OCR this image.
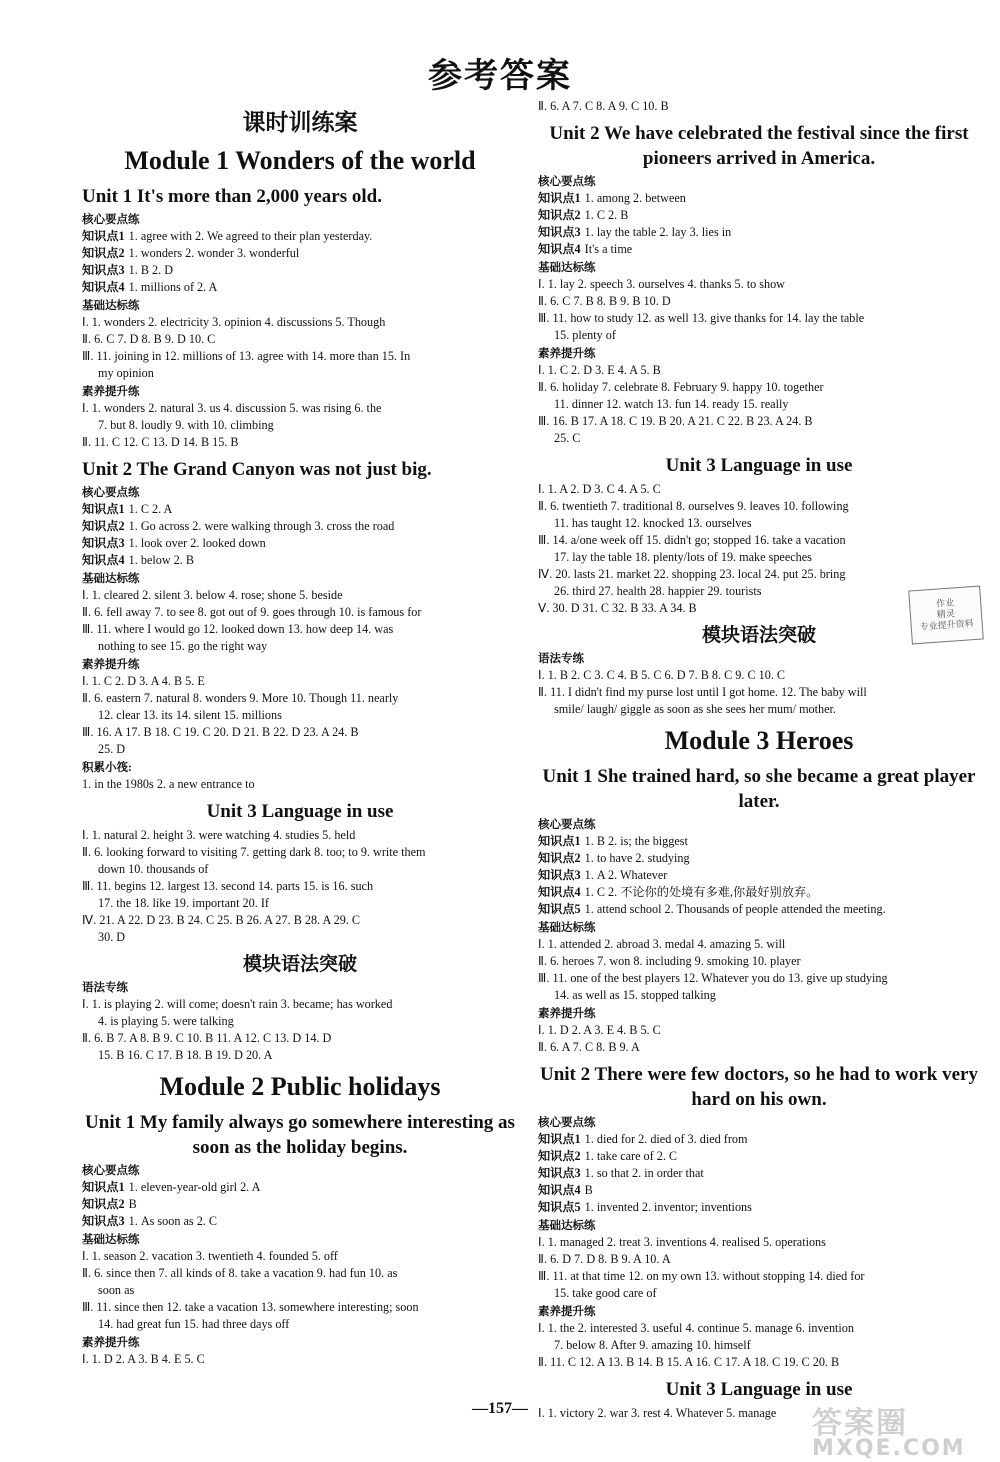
参考答案
课时训练案
Module 1 Wonders of the world
Unit 1 It's more than 2,000 years old.
核心要点练
知识点1 1. agree with 2. We agreed to their plan yesterday.
知识点2 1. wonders 2. wonder 3. wonderful
知识点3 1. B 2. D
知识点4 1. millions of 2. A
基础达标练
Ⅰ. 1. wonders 2. electricity 3. opinion 4. discussions 5. Though
Ⅱ. 6. C 7. D 8. B 9. D 10. C
Ⅲ. 11. joining in 12. millions of 13. agree with 14. more than 15. In
my opinion
素养提升练
Ⅰ. 1. wonders 2. natural 3. us 4. discussion 5. was rising 6. the
7. but 8. loudly 9. with 10. climbing
Ⅱ. 11. C 12. C 13. D 14. B 15. B
Unit 2 The Grand Canyon was not just big.
核心要点练
知识点1 1. C 2. A
知识点2 1. Go across 2. were walking through 3. cross the road
知识点3 1. look over 2. looked down
知识点4 1. below 2. B
基础达标练
Ⅰ. 1. cleared 2. silent 3. below 4. rose; shone 5. beside
Ⅱ. 6. fell away 7. to see 8. got out of 9. goes through 10. is famous for
Ⅲ. 11. where I would go 12. looked down 13. how deep 14. was
nothing to see 15. go the right way
素养提升练
Ⅰ. 1. C 2. D 3. A 4. B 5. E
Ⅱ. 6. eastern 7. natural 8. wonders 9. More 10. Though 11. nearly
12. clear 13. its 14. silent 15. millions
Ⅲ. 16. A 17. B 18. C 19. C 20. D 21. B 22. D 23. A 24. B
25. D
积累小筏:
1. in the 1980s 2. a new entrance to
Unit 3 Language in use
Ⅰ. 1. natural 2. height 3. were watching 4. studies 5. held
Ⅱ. 6. looking forward to visiting 7. getting dark 8. too; to 9. write them
down 10. thousands of
Ⅲ. 11. begins 12. largest 13. second 14. parts 15. is 16. such
17. the 18. like 19. important 20. If
Ⅳ. 21. A 22. D 23. B 24. C 25. B 26. A 27. B 28. A 29. C
30. D
模块语法突破
语法专练
Ⅰ. 1. is playing 2. will come; doesn't rain 3. became; has worked
4. is playing 5. were talking
Ⅱ. 6. B 7. A 8. B 9. C 10. B 11. A 12. C 13. D 14. D
15. B 16. C 17. B 18. B 19. D 20. A
Module 2 Public holidays
Unit 1 My family always go somewhere interesting as soon as the holiday begins.
核心要点练
知识点1 1. eleven-year-old girl 2. A
知识点2 B
知识点3 1. As soon as 2. C
基础达标练
Ⅰ. 1. season 2. vacation 3. twentieth 4. founded 5. off
Ⅱ. 6. since then 7. all kinds of 8. take a vacation 9. had fun 10. as
soon as
Ⅲ. 11. since then 12. take a vacation 13. somewhere interesting; soon
14. had great fun 15. had three days off
素养提升练
Ⅰ. 1. D 2. A 3. B 4. E 5. C
Ⅱ. 6. A 7. C 8. A 9. C 10. B
Unit 2 We have celebrated the festival since the first pioneers arrived in America.
核心要点练
知识点1 1. among 2. between
知识点2 1. C 2. B
知识点3 1. lay the table 2. lay 3. lies in
知识点4 It's a time
基础达标练
Ⅰ. 1. lay 2. speech 3. ourselves 4. thanks 5. to show
Ⅱ. 6. C 7. B 8. B 9. B 10. D
Ⅲ. 11. how to study 12. as well 13. give thanks for 14. lay the table
15. plenty of
素养提升练
Ⅰ. 1. C 2. D 3. E 4. A 5. B
Ⅱ. 6. holiday 7. celebrate 8. February 9. happy 10. together
11. dinner 12. watch 13. fun 14. ready 15. really
Ⅲ. 16. B 17. A 18. C 19. B 20. A 21. C 22. B 23. A 24. B
25. C
Unit 3 Language in use
Ⅰ. 1. A 2. D 3. C 4. A 5. C
Ⅱ. 6. twentieth 7. traditional 8. ourselves 9. leaves 10. following
11. has taught 12. knocked 13. ourselves
Ⅲ. 14. a/one week off 15. didn't go; stopped 16. take a vacation
17. lay the table 18. plenty/lots of 19. make speeches
Ⅳ. 20. lasts 21. market 22. shopping 23. local 24. put 25. bring
26. third 27. health 28. happier 29. tourists
Ⅴ. 30. D 31. C 32. B 33. A 34. B
模块语法突破
语法专练
Ⅰ. 1. B 2. C 3. C 4. B 5. C 6. D 7. B 8. C 9. C 10. C
Ⅱ. 11. I didn't find my purse lost until I got home. 12. The baby will
smile/ laugh/ giggle as soon as she sees her mum/ mother.
Module 3 Heroes
Unit 1 She trained hard, so she became a great player later.
核心要点练
知识点1 1. B 2. is; the biggest
知识点2 1. to have 2. studying
知识点3 1. A 2. Whatever
知识点4 1. C 2. 不论你的处境有多难,你最好别放弃。
知识点5 1. attend school 2. Thousands of people attended the meeting.
基础达标练
Ⅰ. 1. attended 2. abroad 3. medal 4. amazing 5. will
Ⅱ. 6. heroes 7. won 8. including 9. smoking 10. player
Ⅲ. 11. one of the best players 12. Whatever you do 13. give up studying
14. as well as 15. stopped talking
素养提升练
Ⅰ. 1. D 2. A 3. E 4. B 5. C
Ⅱ. 6. A 7. C 8. B 9. A
Unit 2 There were few doctors, so he had to work very hard on his own.
核心要点练
知识点1 1. died for 2. died of 3. died from
知识点2 1. take care of 2. C
知识点3 1. so that 2. in order that
知识点4 B
知识点5 1. invented 2. inventor; inventions
基础达标练
Ⅰ. 1. managed 2. treat 3. inventions 4. realised 5. operations
Ⅱ. 6. D 7. D 8. B 9. A 10. A
Ⅲ. 11. at that time 12. on my own 13. without stopping 14. died for
15. take good care of
素养提升练
Ⅰ. 1. the 2. interested 3. useful 4. continue 5. manage 6. invention
7. below 8. After 9. amazing 10. himself
Ⅱ. 11. C 12. A 13. B 14. B 15. A 16. C 17. A 18. C 19. C 20. B
Unit 3 Language in use
Ⅰ. 1. victory 2. war 3. rest 4. Whatever 5. manage
作业
精灵
专业提升资料
—157—	答案圈
MXQE.COM
